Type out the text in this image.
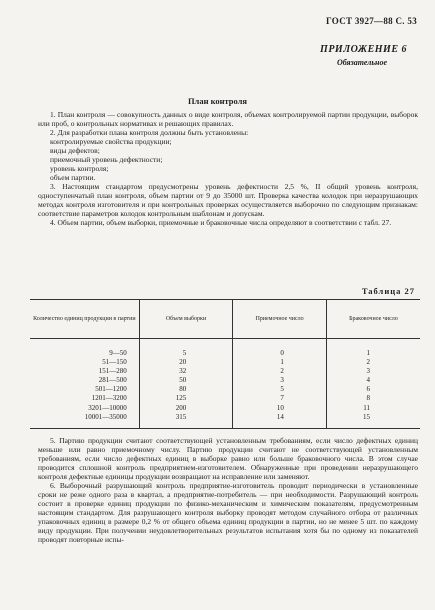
ГОСТ 3927—88 С. 53
ПРИЛОЖЕНИЕ 6
Обязательное
План контроля

1. План контроля — совокупность данных о виде контроля, объемах контролируемой партии продукции, выборок или проб, о контрольных нормативах и решающих правилах.

2. Для разработки плана контроля должны быть установлены:

контролируемые свойства продукции;

виды дефектов;

приемочный уровень дефектности;

уровень контроля;

объем партии.

3. Настоящим стандартом предусмотрены уровень дефектности 2,5 %, II общий уровень контроля, одноступенчатый план контроля, объем партии от 9 до 35000 шт. Проверка качества колодок при неразрушающих методах контроля изготовителя и при контрольных проверках осуществляется выборочно по следующим признакам: соответствие параметров колодок контрольным шаблонам и допускам.

4. Объем партии, объем выборки, приемочные и браковочные числа определяют в соответствии с табл. 27.

Таблица 27
Количество единиц продукции в партии	Объем выборки	Приемочное число	Браковочное число

9—50	5	0	1
51—150	20	1	2
151—280	32	2	3
281—500	50	3	4
501—1200	80	5	6
1201—3200	125	7	8
3201—10000	200	10	11
10001—35000	315	14	15

5. Партию продукции считают соответствующей установленным требованиям, если число дефектных единиц меньше или равно приемочному числу. Партию продукции считают не соответствующей установленным требованиям, если число дефектных единиц в выборке равно или больше браковочного числа. В этом случае проводится сплошной контроль предприятием-изготовителем. Обнаруженные при проведении неразрушающего контроля дефектные единицы продукции возвращают на исправление или заменяют.

6. Выборочный разрушающий контроль предприятие-изготовитель проводит периодически в установленные сроки не реже одного раза в квартал, а предприятие-потребитель — при необходимости. Разрушающий контроль состоит в проверке единиц продукции по физико-механическим и химическим показателям, предусмотренным настоящим стандартом. Для разрушающего контроля выборку проводят методом случайного отбора от различных упаковочных единиц в размере 0,2 % от общего объема единиц продукции в партии, но не менее 5 шт. по каждому виду продукции. При получении неудовлетворительных результатов испытания хотя бы по одному из показателей проводят повторные испы-
